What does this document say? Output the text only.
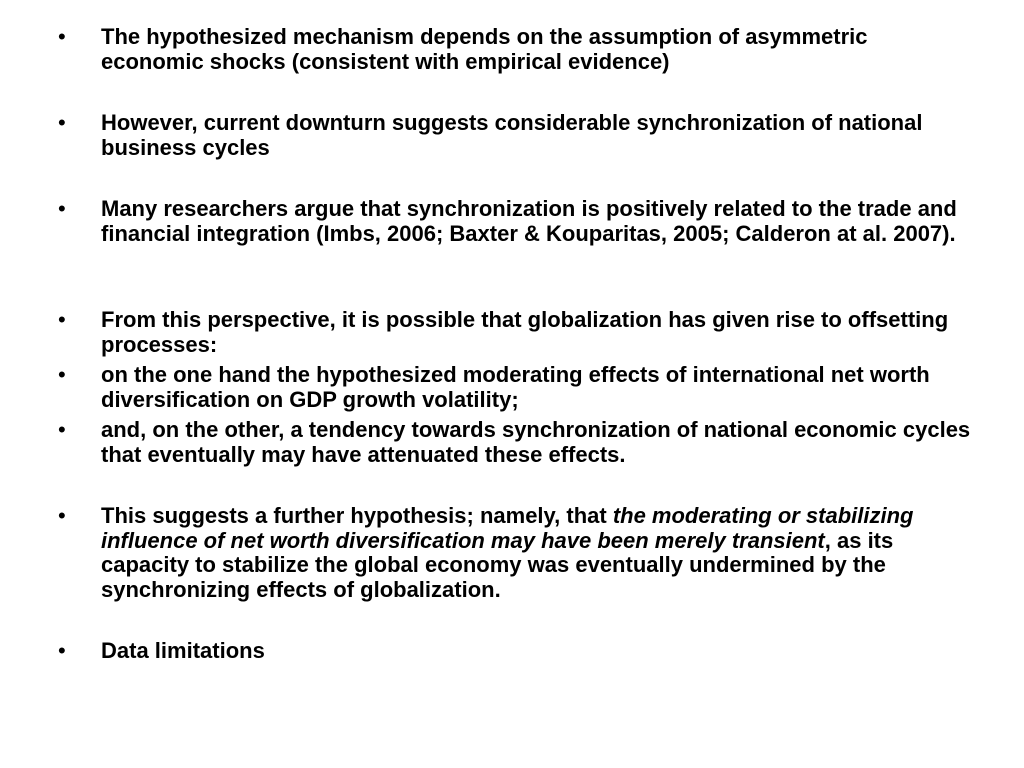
•	The hypothesized mechanism depends on the assumption of asymmetric economic shocks (consistent with empirical evidence)
•	However, current downturn suggests considerable synchronization of national business cycles
•	Many researchers argue that synchronization is positively related to the trade and financial integration (Imbs, 2006; Baxter & Kouparitas, 2005; Calderon at al. 2007).
•	From this perspective, it is possible that globalization has given rise to offsetting processes:
•	on the one hand the hypothesized moderating effects of international net worth diversification on GDP growth volatility;
•	and, on the other, a tendency towards synchronization of national economic cycles that eventually may have attenuated these effects.
•	This suggests a further hypothesis; namely, that the moderating or stabilizing influence of net worth diversification may have been merely transient, as its capacity to stabilize the global economy was eventually undermined by the synchronizing effects of globalization.
•	Data limitations
